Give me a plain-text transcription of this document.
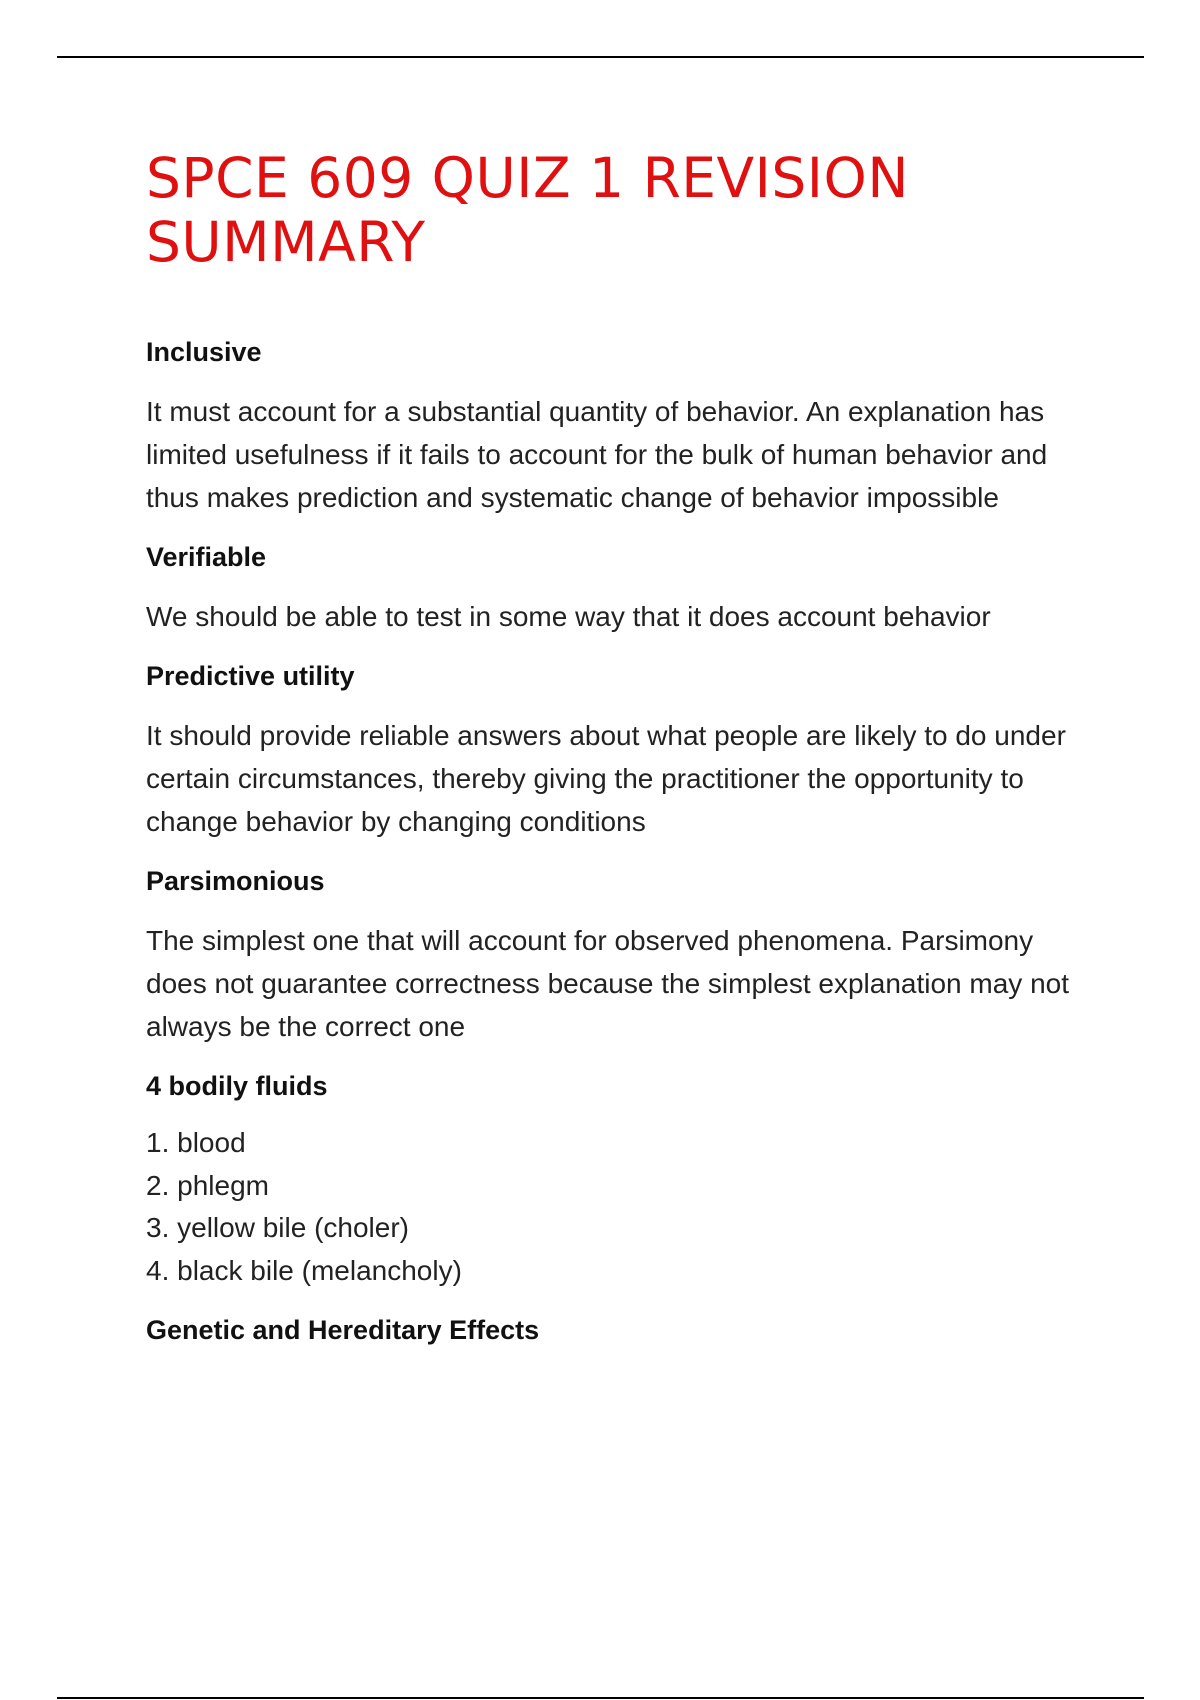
SPCE 609 QUIZ 1 REVISION SUMMARY
Inclusive

It must account for a substantial quantity of behavior. An explanation has limited usefulness if it fails to account for the bulk of human behavior and thus makes prediction and systematic change of behavior impossible

Verifiable

We should be able to test in some way that it does account behavior

Predictive utility

It should provide reliable answers about what people are likely to do under certain circumstances, thereby giving the practitioner the opportunity to change behavior by changing conditions

Parsimonious

The simplest one that will account for observed phenomena. Parsimony does not guarantee correctness because the simplest explanation may not always be the correct one

4 bodily fluids
1. blood
2. phlegm
3. yellow bile (choler)
4. black bile (melancholy)
Genetic and Hereditary Effects
